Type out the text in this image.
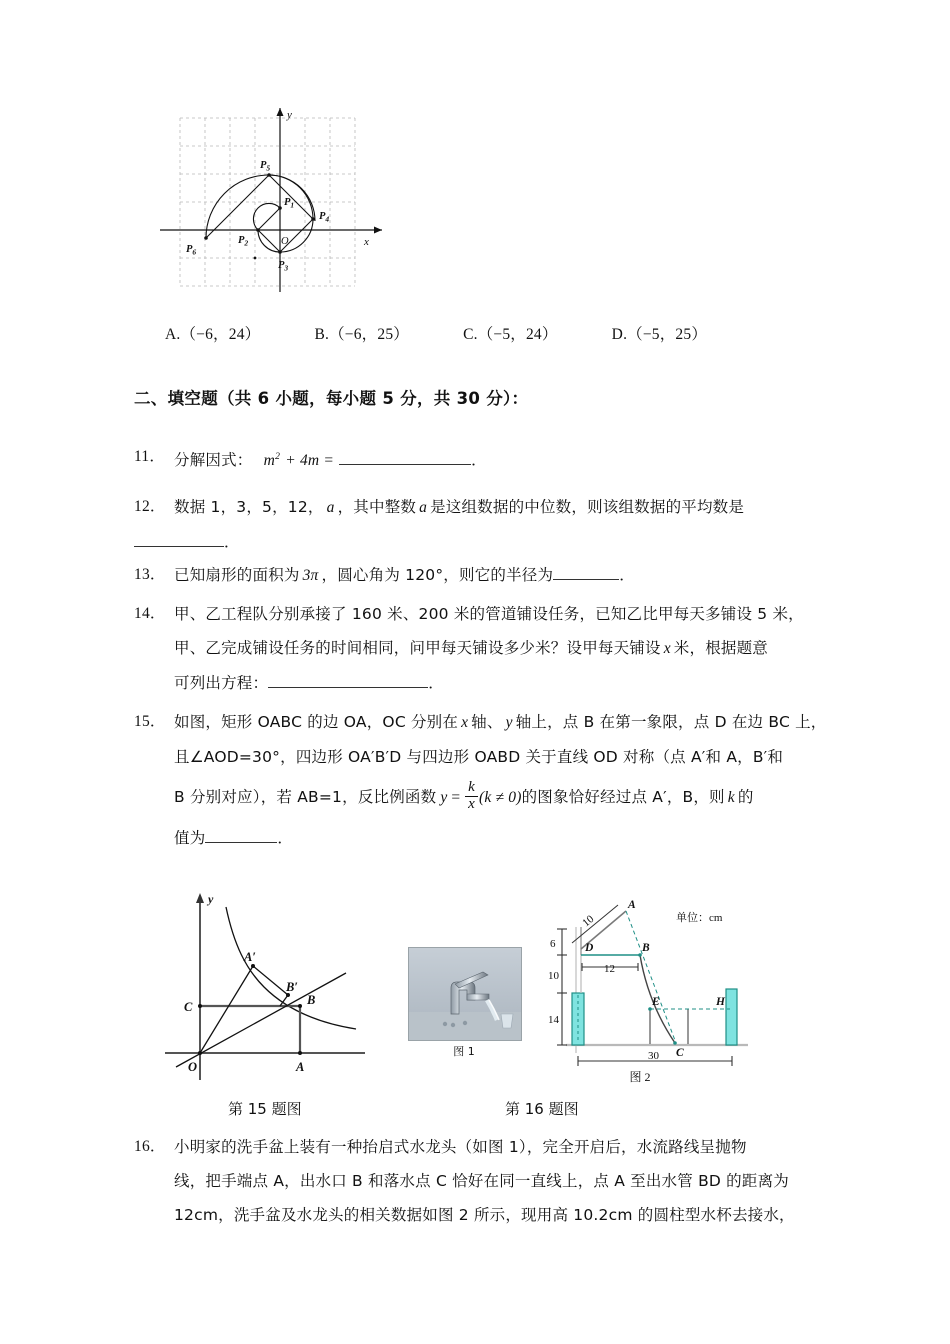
x
y
O
$P_1$
$P_2$
$P_3$
$P_4$
$P_5$
$P_6$
A.（−6，24）	B.（−6，25）	C.（−5，24）	D.（−5，25）
二、填空题（共 6 小题，每小题 5 分，共 30 分）：
11． 分解因式： $m^2 + 4m$ =	．
12． 数据 1，3，5，12， a ，其中整数 a 是这组数据的中位数，则该组数据的平均数是
．
13． 已知扇形的面积为 3π ，圆心角为 120°，则它的半径为	．
14． 甲、乙工程队分别承接了 160 米、200 米的管道铺设任务，已知乙比甲每天多铺设 5 米，
甲、乙完成铺设任务的时间相同，问甲每天铺设多少米？设甲每天铺设 x 米，根据题意
可列出方程：	．
15． 如图，矩形 OABC 的边 OA，OC 分别在 x 轴、 y 轴上，点 B 在第一象限，点 D 在边 BC 上，
且∠AOD=30°，四边形 OA′B′D 与四边形 OABD 关于直线 OD 对称（点 A′和 A，B′和
B 分别对应），若 AB=1，反比例函数 $y = \frac{k}{x} (k \ne 0)$的图象恰好经过点 A′，B，则 k 的
值为	．
y
A′
B′
B
C
A
O
图 1
A
B
C
D
E	H
10
6
12
10
14
30
单位：cm
图 2
第 15 题图	第 16 题图
16． 小明家的洗手盆上装有一种抬启式水龙头（如图 1），完全开启后，水流路线呈抛物
线，把手端点 A，出水口 B 和落水点 C 恰好在同一直线上，点 A 至出水管 BD 的距离为
12cm，洗手盆及水龙头的相关数据如图 2 所示，现用高 10.2cm 的圆柱型水杯去接水，
